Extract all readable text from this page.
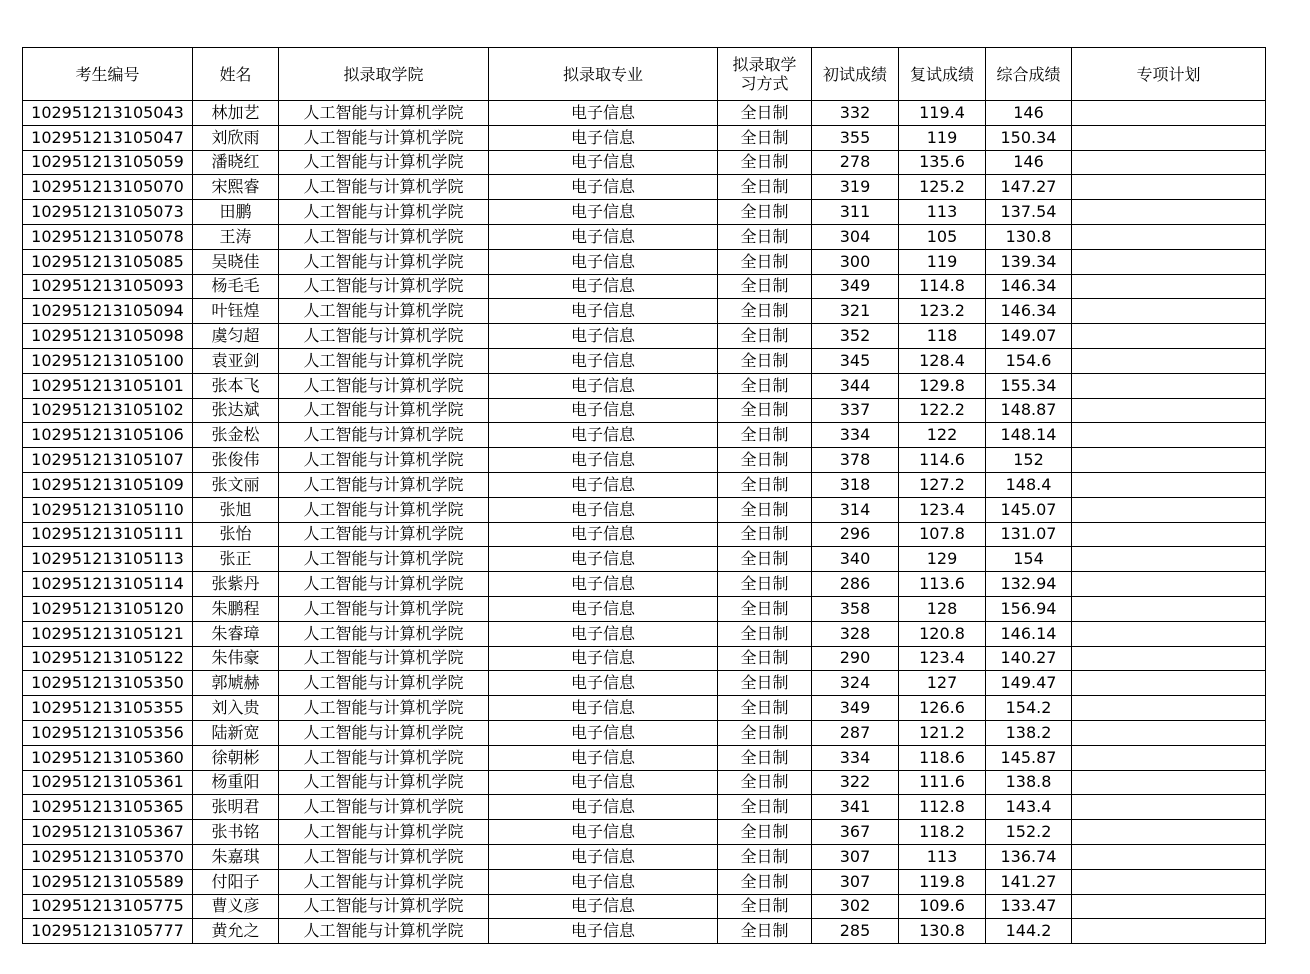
考生编号	姓名	拟录取学院	拟录取专业	拟录取学习方式	初试成绩	复试成绩	综合成绩	专项计划
102951213105043	林加艺	人工智能与计算机学院	电子信息	全日制	332	119.4	146	
102951213105047	刘欣雨	人工智能与计算机学院	电子信息	全日制	355	119	150.34	
102951213105059	潘晓红	人工智能与计算机学院	电子信息	全日制	278	135.6	146	
102951213105070	宋熙睿	人工智能与计算机学院	电子信息	全日制	319	125.2	147.27	
102951213105073	田鹏	人工智能与计算机学院	电子信息	全日制	311	113	137.54	
102951213105078	王涛	人工智能与计算机学院	电子信息	全日制	304	105	130.8	
102951213105085	吴晓佳	人工智能与计算机学院	电子信息	全日制	300	119	139.34	
102951213105093	杨毛毛	人工智能与计算机学院	电子信息	全日制	349	114.8	146.34	
102951213105094	叶钰煌	人工智能与计算机学院	电子信息	全日制	321	123.2	146.34	
102951213105098	虞匀超	人工智能与计算机学院	电子信息	全日制	352	118	149.07	
102951213105100	袁亚剑	人工智能与计算机学院	电子信息	全日制	345	128.4	154.6	
102951213105101	张本飞	人工智能与计算机学院	电子信息	全日制	344	129.8	155.34	
102951213105102	张达斌	人工智能与计算机学院	电子信息	全日制	337	122.2	148.87	
102951213105106	张金松	人工智能与计算机学院	电子信息	全日制	334	122	148.14	
102951213105107	张俊伟	人工智能与计算机学院	电子信息	全日制	378	114.6	152	
102951213105109	张文丽	人工智能与计算机学院	电子信息	全日制	318	127.2	148.4	
102951213105110	张旭	人工智能与计算机学院	电子信息	全日制	314	123.4	145.07	
102951213105111	张怡	人工智能与计算机学院	电子信息	全日制	296	107.8	131.07	
102951213105113	张正	人工智能与计算机学院	电子信息	全日制	340	129	154	
102951213105114	张紫丹	人工智能与计算机学院	电子信息	全日制	286	113.6	132.94	
102951213105120	朱鹏程	人工智能与计算机学院	电子信息	全日制	358	128	156.94	
102951213105121	朱睿璋	人工智能与计算机学院	电子信息	全日制	328	120.8	146.14	
102951213105122	朱伟豪	人工智能与计算机学院	电子信息	全日制	290	123.4	140.27	
102951213105350	郭虓赫	人工智能与计算机学院	电子信息	全日制	324	127	149.47	
102951213105355	刘入贵	人工智能与计算机学院	电子信息	全日制	349	126.6	154.2	
102951213105356	陆新宽	人工智能与计算机学院	电子信息	全日制	287	121.2	138.2	
102951213105360	徐朝彬	人工智能与计算机学院	电子信息	全日制	334	118.6	145.87	
102951213105361	杨重阳	人工智能与计算机学院	电子信息	全日制	322	111.6	138.8	
102951213105365	张明君	人工智能与计算机学院	电子信息	全日制	341	112.8	143.4	
102951213105367	张书铭	人工智能与计算机学院	电子信息	全日制	367	118.2	152.2	
102951213105370	朱嘉琪	人工智能与计算机学院	电子信息	全日制	307	113	136.74	
102951213105589	付阳子	人工智能与计算机学院	电子信息	全日制	307	119.8	141.27	
102951213105775	曹义彦	人工智能与计算机学院	电子信息	全日制	302	109.6	133.47	
102951213105777	黄允之	人工智能与计算机学院	电子信息	全日制	285	130.8	144.2	
